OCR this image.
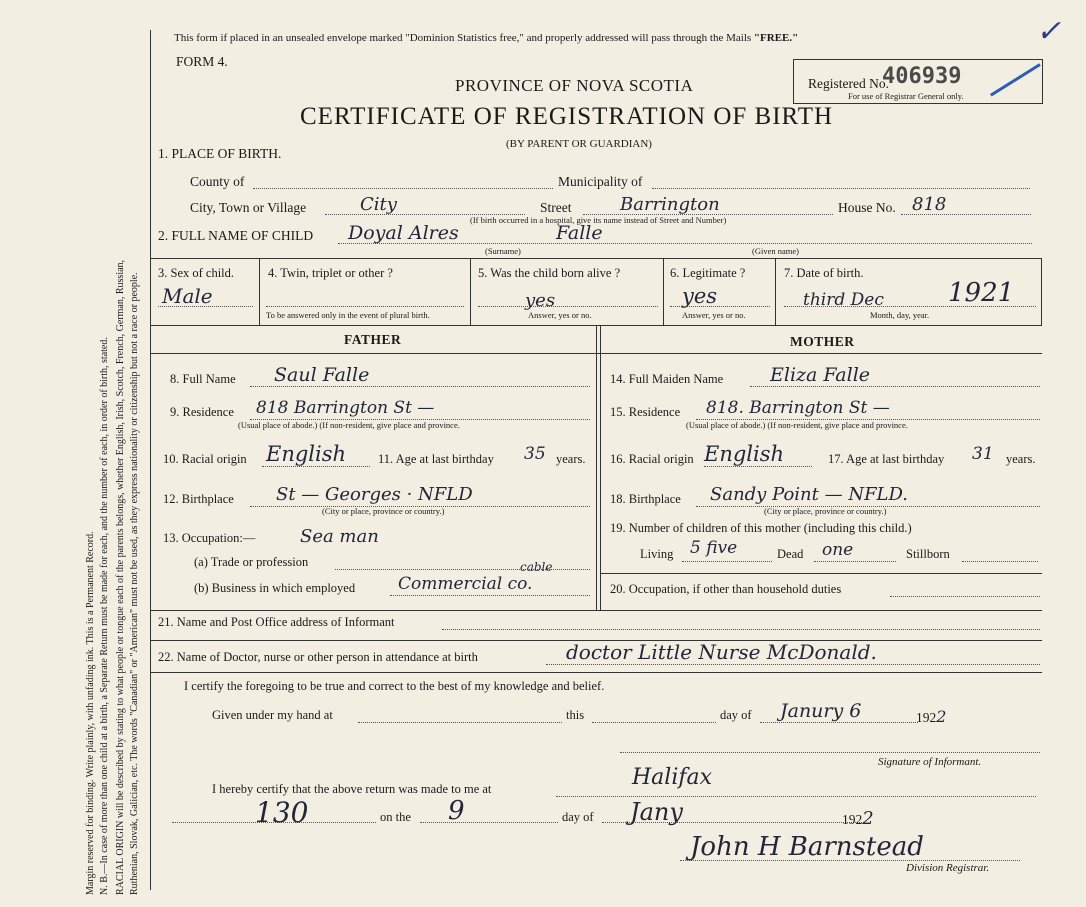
Margin reserved for binding. Write plainly, with unfading ink. This is a Permanent Record. N. B.—In case of more than one child at a birth, a Separate Return must be made for each, and the number of each, in order of birth, stated. RACIAL ORIGIN will be described by stating to what people or tongue each of the parents belongs, whether English, Irish, Scotch, French, German, Russian, Ruthenian, Slovak, Galician, etc. The words "Canadian" or "American" must not be used, as they express nationality or citizenship but not a race or people.
This form if placed in an unsealed envelope marked "Dominion Statistics free," and properly addressed will pass through the Mails "FREE."
FORM 4.
PROVINCE OF NOVA SCOTIA
CERTIFICATE OF REGISTRATION OF BIRTH
(BY PARENT OR GUARDIAN)
Registered No.
406939
For use of Registrar General only.
✓
1. PLACE OF BIRTH.
County of	Municipality of
City, Town or Village	City	Street	Barrington
(If birth occurred in a hospital, give its name instead of Street and Number)
House No. 818
2. FULL NAME OF CHILD Doyal Alres	Falle
(Surname)	(Given name)
3. Sex of child.
Male
4. Twin, triplet or other ?
To be answered only in the event of plural birth.
5. Was the child born alive ?
yes
Answer, yes or no.
6. Legitimate ?
yes
Answer, yes or no.
7. Date of birth.
third Dec 1921
Month, day, year.
FATHER	MOTHER
8. Full Name Saul Falle
9. Residence 818 Barrington St —
(Usual place of abode.) (If non-resident, give place and province.
10. Racial origin English	11. Age at last birthday 35 years.
12. Birthplace St — Georges · NFLD
(City or place, province or country.)
13. Occupation:— Sea man
(a) Trade or profession
(b) Business in which employed	Commercial co.
cable
14. Full Maiden Name Eliza Falle
15. Residence 818. Barrington St —
(Usual place of abode.) (If non-resident, give place and province.
16. Racial origin English	17. Age at last birthday 31 years.
18. Birthplace Sandy Point — NFLD.
(City or place, province or country.)
19. Number of children of this mother (including this child.)
Living 5 five	Dead one	Stillborn
20. Occupation, if other than household duties
21. Name and Post Office address of Informant
22. Name of Doctor, nurse or other person in attendance at birth	doctor Little Nurse McDonald.
I certify the foregoing to be true and correct to the best of my knowledge and belief.
Given under my hand at	this	day of Janury 6	1922
Signature of Informant.
I hereby certify that the above return was made to me at	Halifax
130	on the 9	day of Jany	1922
John H Barnstead
Division Registrar.
